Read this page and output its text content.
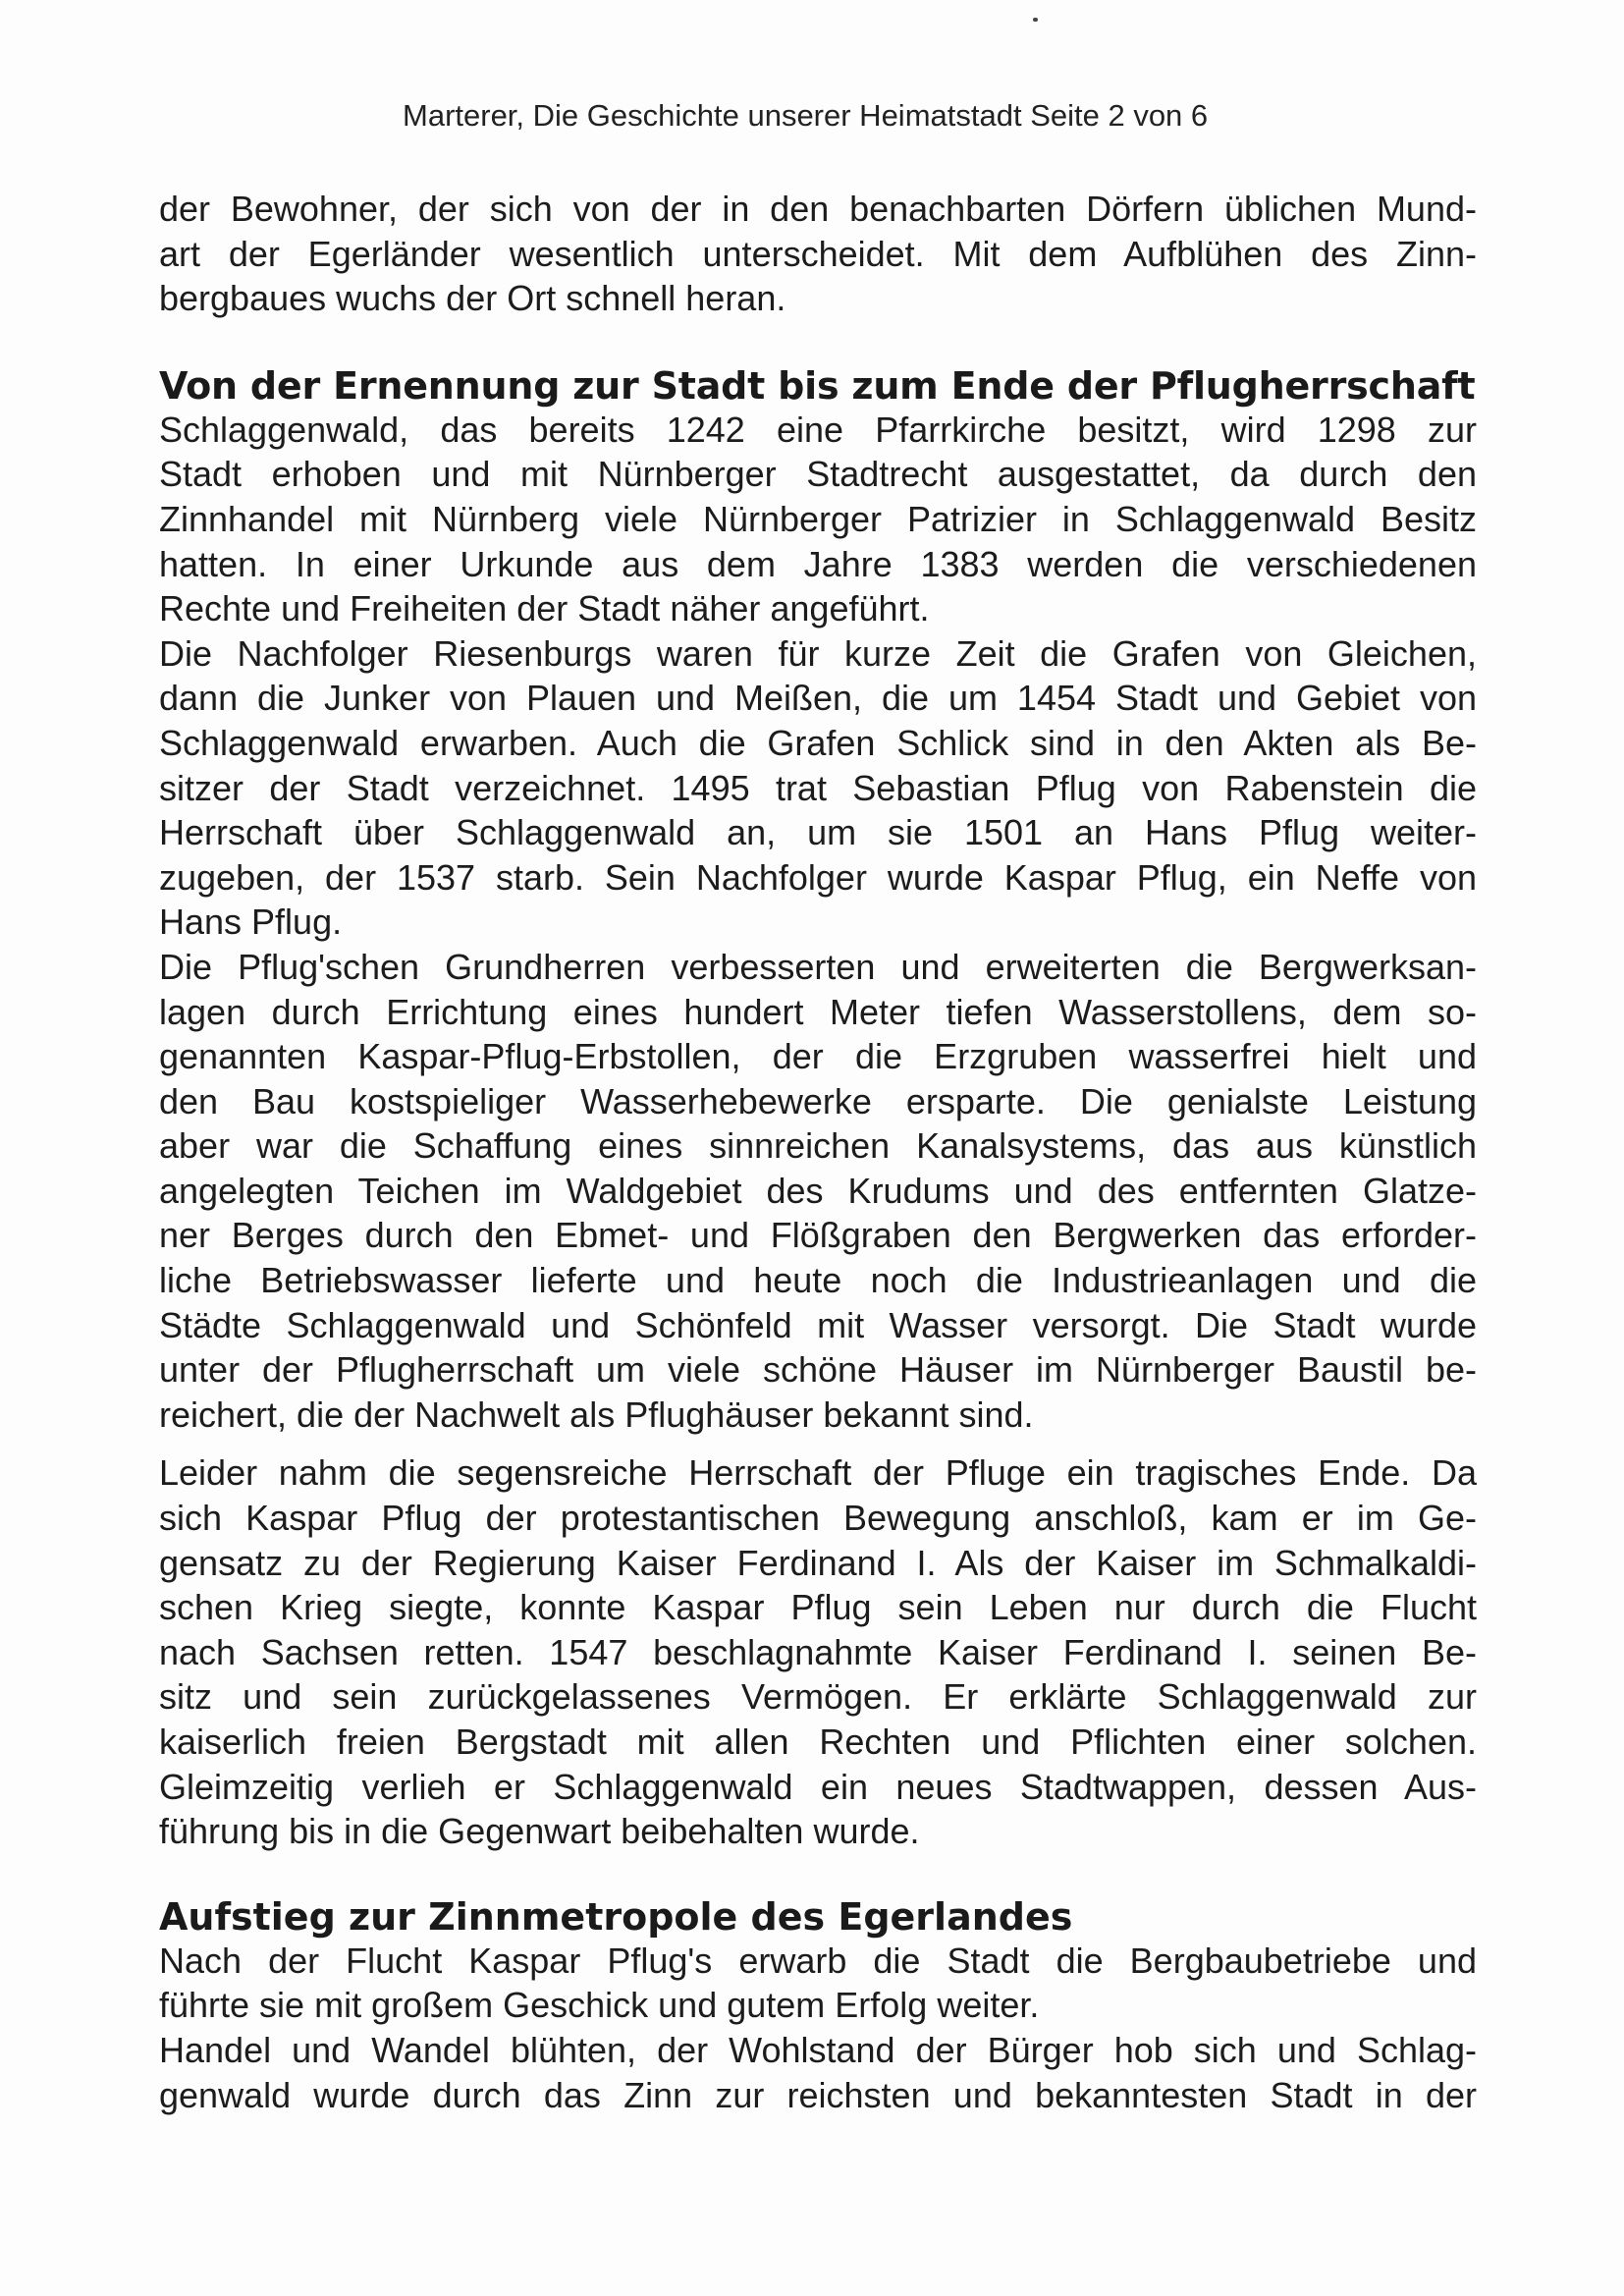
Marterer, Die Geschichte unserer Heimatstadt Seite 2 von 6

der Bewohner, der sich von der in den benachbarten Dörfern üblichen Mund-
art der Egerländer wesentlich unterscheidet. Mit dem Aufblühen des Zinn-
bergbaues wuchs der Ort schnell heran.

Von der Ernennung zur Stadt bis zum Ende der Pflugherrschaft

Schlaggenwald, das bereits 1242 eine Pfarrkirche besitzt, wird 1298 zur
Stadt erhoben und mit Nürnberger Stadtrecht ausgestattet, da durch den
Zinnhandel mit Nürnberg viele Nürnberger Patrizier in Schlaggenwald Besitz
hatten. In einer Urkunde aus dem Jahre 1383 werden die verschiedenen
Rechte und Freiheiten der Stadt näher angeführt.

Die Nachfolger Riesenburgs waren für kurze Zeit die Grafen von Gleichen,
dann die Junker von Plauen und Meißen, die um 1454 Stadt und Gebiet von
Schlaggenwald erwarben. Auch die Grafen Schlick sind in den Akten als Be-
sitzer der Stadt verzeichnet. 1495 trat Sebastian Pflug von Rabenstein die
Herrschaft über Schlaggenwald an, um sie 1501 an Hans Pflug weiter-
zugeben, der 1537 starb. Sein Nachfolger wurde Kaspar Pflug, ein Neffe von
Hans Pflug.

Die Pflug'schen Grundherren verbesserten und erweiterten die Bergwerksan-
lagen durch Errichtung eines hundert Meter tiefen Wasserstollens, dem so-
genannten Kaspar-Pflug-Erbstollen, der die Erzgruben wasserfrei hielt und
den Bau kostspieliger Wasserhebewerke ersparte. Die genialste Leistung
aber war die Schaffung eines sinnreichen Kanalsystems, das aus künstlich
angelegten Teichen im Waldgebiet des Krudums und des entfernten Glatze-
ner Berges durch den Ebmet- und Flößgraben den Bergwerken das erforder-
liche Betriebswasser lieferte und heute noch die Industrieanlagen und die
Städte Schlaggenwald und Schönfeld mit Wasser versorgt. Die Stadt wurde
unter der Pflugherrschaft um viele schöne Häuser im Nürnberger Baustil be-
reichert, die der Nachwelt als Pflughäuser bekannt sind.

Leider nahm die segensreiche Herrschaft der Pfluge ein tragisches Ende. Da
sich Kaspar Pflug der protestantischen Bewegung anschloß, kam er im Ge-
gensatz zu der Regierung Kaiser Ferdinand I. Als der Kaiser im Schmalkaldi-
schen Krieg siegte, konnte Kaspar Pflug sein Leben nur durch die Flucht
nach Sachsen retten. 1547 beschlagnahmte Kaiser Ferdinand I. seinen Be-
sitz und sein zurückgelassenes Vermögen. Er erklärte Schlaggenwald zur
kaiserlich freien Bergstadt mit allen Rechten und Pflichten einer solchen.
Gleimzeitig verlieh er Schlaggenwald ein neues Stadtwappen, dessen Aus-
führung bis in die Gegenwart beibehalten wurde.

Aufstieg zur Zinnmetropole des Egerlandes

Nach der Flucht Kaspar Pflug's erwarb die Stadt die Bergbaubetriebe und
führte sie mit großem Geschick und gutem Erfolg weiter.

Handel und Wandel blühten, der Wohlstand der Bürger hob sich und Schlag-
genwald wurde durch das Zinn zur reichsten und bekanntesten Stadt in der
